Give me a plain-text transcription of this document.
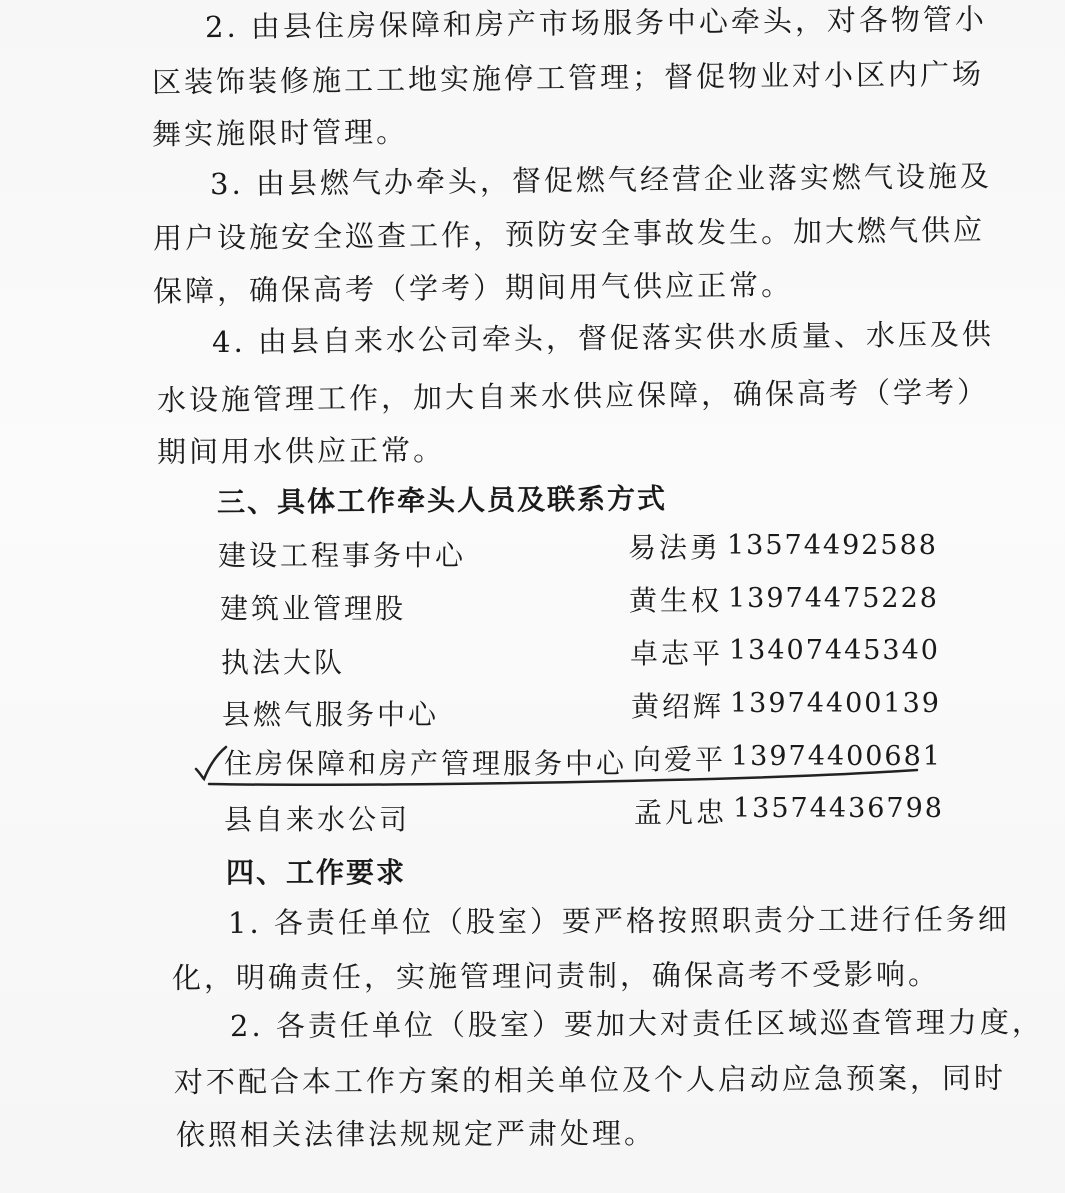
2. 由县住房保障和房产市场服务中心牵头，对各物管小
区装饰装修施工工地实施停工管理；督促物业对小区内广场
舞实施限时管理。
3. 由县燃气办牵头，督促燃气经营企业落实燃气设施及
用户设施安全巡查工作，预防安全事故发生。加大燃气供应
保障，确保高考（学考）期间用气供应正常。
4. 由县自来水公司牵头，督促落实供水质量、水压及供
水设施管理工作，加大自来水供应保障，确保高考（学考）
期间用水供应正常。
三、具体工作牵头人员及联系方式
建设工程事务中心	易法勇 13574492588
建筑业管理股	黄生权 13974475228
执法大队	卓志平 13407445340
县燃气服务中心	黄绍辉 13974400139
住房保障和房产管理服务中心 向爱平 13974400681
县自来水公司	孟凡忠 13574436798
四、工作要求
1. 各责任单位（股室）要严格按照职责分工进行任务细
化，明确责任，实施管理问责制，确保高考不受影响。
2. 各责任单位（股室）要加大对责任区域巡查管理力度，
对不配合本工作方案的相关单位及个人启动应急预案，同时
依照相关法律法规规定严肃处理。
